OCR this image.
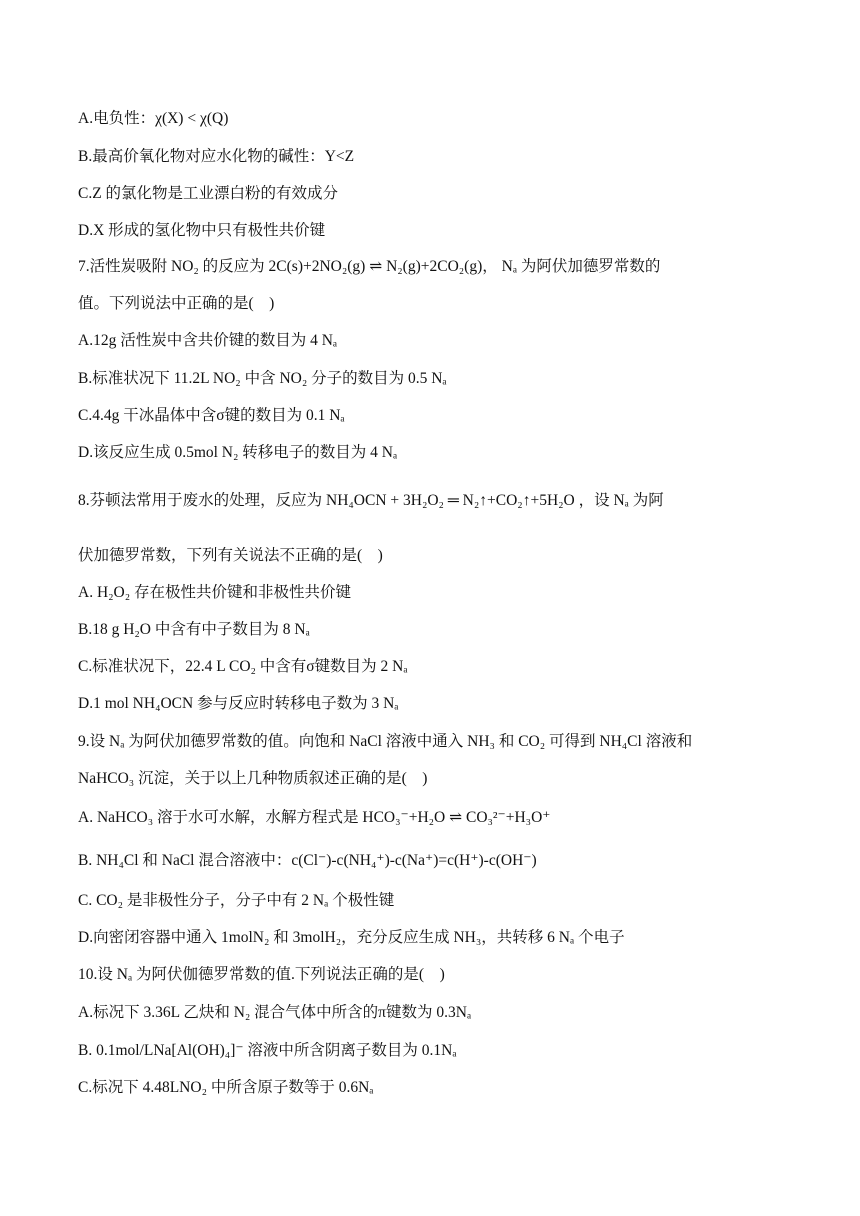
A.电负性：χ(X) < χ(Q)
B.最高价氧化物对应水化物的碱性：Y<Z
C.Z 的氯化物是工业漂白粉的有效成分
D.X 形成的氢化物中只有极性共价键
7.活性炭吸附 NO₂ 的反应为 2C(s)+2NO₂(g) ⇌ N₂(g)+2CO₂(g)， Nₐ 为阿伏加德罗常数的
值。下列说法中正确的是(　)
A.12g 活性炭中含共价键的数目为 4 Nₐ
B.标准状况下 11.2L NO₂ 中含 NO₂ 分子的数目为 0.5 Nₐ
C.4.4g 干冰晶体中含σ键的数目为 0.1 Nₐ
D.该反应生成 0.5mol N₂ 转移电子的数目为 4 Nₐ
8.芬顿法常用于废水的处理，反应为 NH₄OCN + 3H₂O₂ ═ N₂↑+CO₂↑+5H₂O ，设 Nₐ 为阿
伏加德罗常数，下列有关说法不正确的是(　)
A. H₂O₂ 存在极性共价键和非极性共价键
B.18 g H₂O 中含有中子数目为 8 Nₐ
C.标准状况下，22.4 L CO₂ 中含有σ键数目为 2 Nₐ
D.1 mol NH₄OCN 参与反应时转移电子数为 3 Nₐ
9.设 Nₐ 为阿伏加德罗常数的值。向饱和 NaCl 溶液中通入 NH₃ 和 CO₂ 可得到 NH₄Cl 溶液和
NaHCO₃ 沉淀，关于以上几种物质叙述正确的是(　)
A. NaHCO₃ 溶于水可水解，水解方程式是 HCO₃⁻+H₂O ⇌ CO₃²⁻+H₃O⁺
B. NH₄Cl 和 NaCl 混合溶液中：c(Cl⁻)-c(NH₄⁺)-c(Na⁺)=c(H⁺)-c(OH⁻)
C. CO₂ 是非极性分子，分子中有 2 Nₐ 个极性键
D.向密闭容器中通入 1molN₂ 和 3molH₂，充分反应生成 NH₃，共转移 6 Nₐ 个电子
10.设 Nₐ 为阿伏伽德罗常数的值.下列说法正确的是(　)
A.标况下 3.36L 乙炔和 N₂ 混合气体中所含的π键数为 0.3Nₐ
B. 0.1mol/LNa[Al(OH)₄]⁻ 溶液中所含阴离子数目为 0.1Nₐ
C.标况下 4.48LNO₂ 中所含原子数等于 0.6Nₐ
